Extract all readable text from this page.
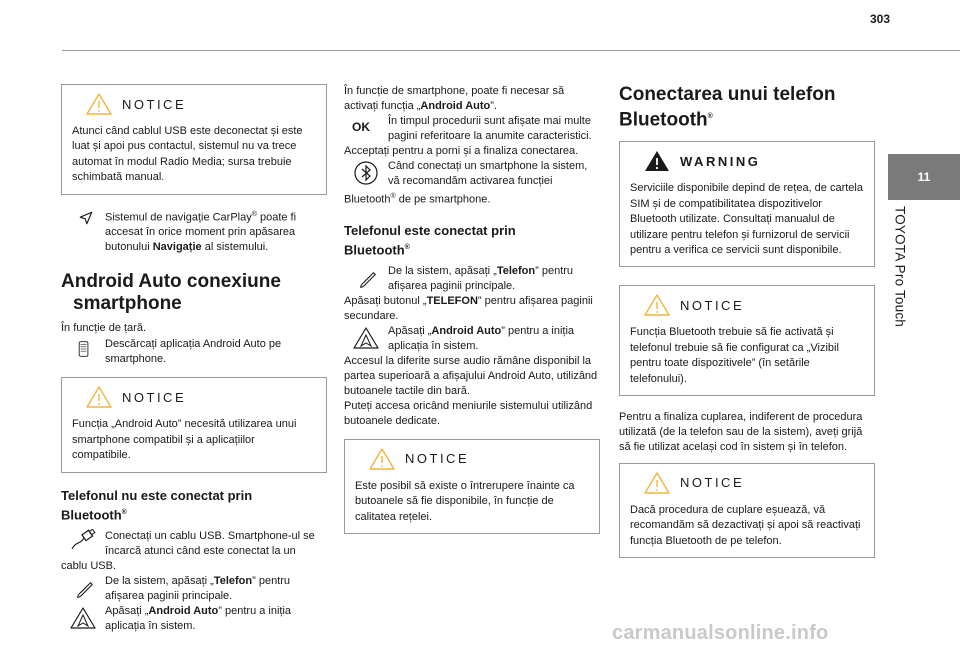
303
11
TOYOTA Pro Touch
NOTICE
Atunci când cablul USB este deconectat și este luat și apoi pus contactul, sistemul nu va trece automat în modul Radio Media; sursa trebuie schimbată manual.
Sistemul de navigație CarPlay® poate fi accesat în orice moment prin apăsarea butonului Navigație al sistemului.
Android Auto conexiune

smartphone
În funcție de țară.
Descărcați aplicația Android Auto pe smartphone.
NOTICE
Funcția „Android Auto” necesită utilizarea unui smartphone compatibil și a aplicațiilor compatibile.
Telefonul nu este conectat prin
Bluetooth®
Conectați un cablu USB. Smartphone-ul se încarcă atunci când este conectat la un
cablu USB.
De la sistem, apăsați „Telefon” pentru afișarea paginii principale.
Apăsați „Android Auto” pentru a iniția aplicația în sistem.
În funcție de smartphone, poate fi necesar să activați funcția „Android Auto”.
OK	În timpul procedurii sunt afișate mai multe pagini referitoare la anumite caracteristici.
Acceptați pentru a porni și a finaliza conectarea.
Când conectați un smartphone la sistem, vă recomandăm activarea funcției
Bluetooth® de pe smartphone.
Telefonul este conectat prin
Bluetooth®
De la sistem, apăsați „Telefon” pentru afișarea paginii principale.
Apăsați butonul „TELEFON” pentru afișarea paginii secundare.
Apăsați „Android Auto” pentru a iniția aplicația în sistem.
Accesul la diferite surse audio rămâne disponibil la partea superioară a afișajului Android Auto, utilizând butoanele tactile din bară.
Puteți accesa oricând meniurile sistemului utilizând butoanele dedicate.
NOTICE
Este posibil să existe o întrerupere înainte ca butoanele să fie disponibile, în funcție de calitatea rețelei.
Conectarea unui telefon
Bluetooth®
WARNING
Serviciile disponibile depind de rețea, de cartela SIM și de compatibilitatea dispozitivelor Bluetooth utilizate. Consultați manualul de utilizare pentru telefon și furnizorul de servicii pentru a verifica ce servicii sunt disponibile.
NOTICE
Funcția Bluetooth trebuie să fie activată și telefonul trebuie să fie configurat ca „Vizibil pentru toate dispozitivele” (în setările telefonului).
Pentru a finaliza cuplarea, indiferent de procedura utilizată (de la telefon sau de la sistem), aveți grijă să fie utilizat același cod în sistem și în telefon.
NOTICE
Dacă procedura de cuplare eșuează, vă recomandăm să dezactivați și apoi să reactivați funcția Bluetooth de pe telefon.
carmanualsonline.info
